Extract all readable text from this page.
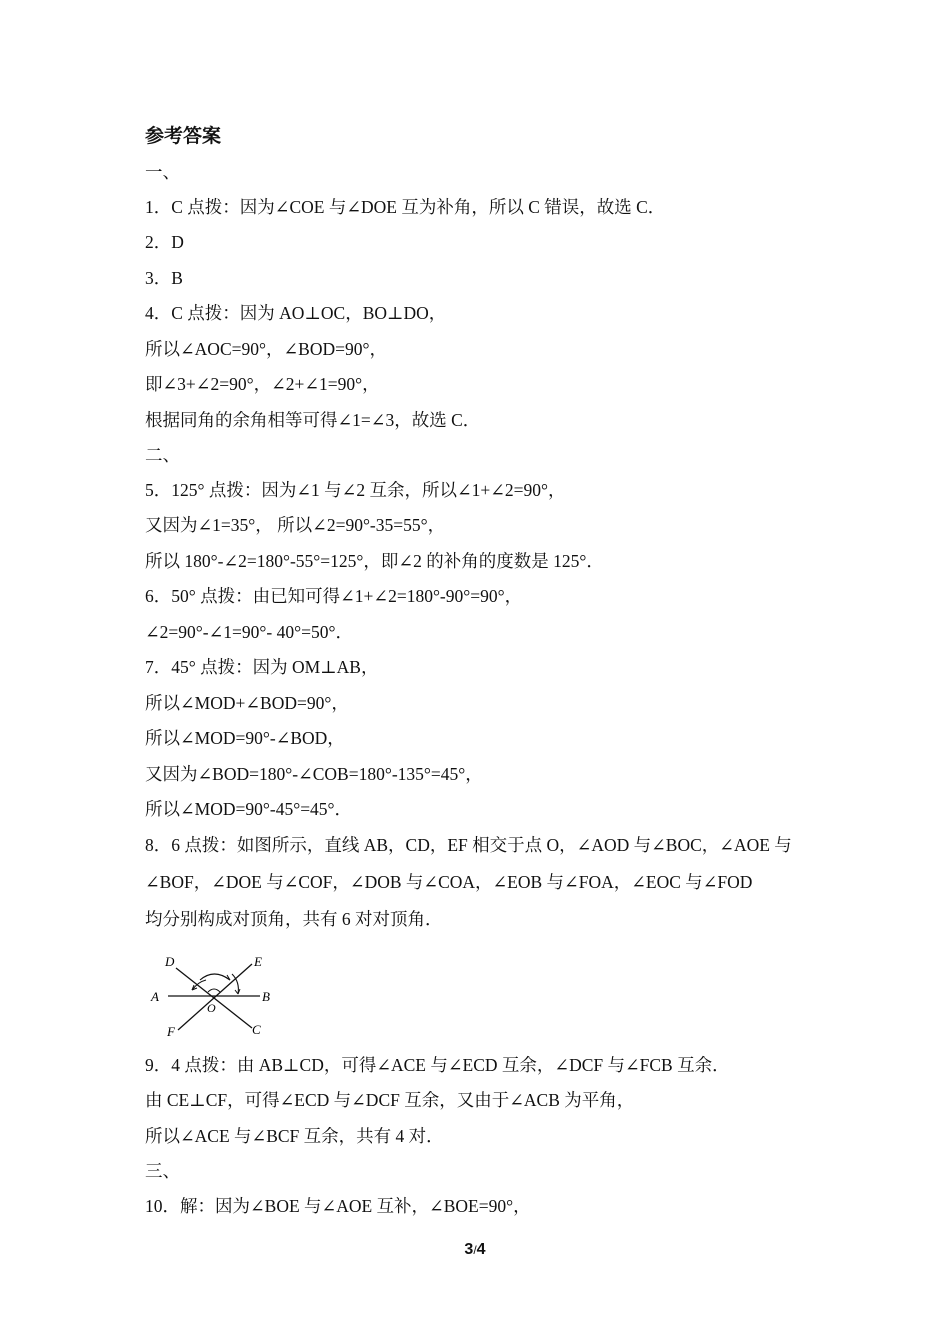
参考答案
一、
1．C 点拨：因为∠COE 与∠DOE 互为补角，所以 C 错误，故选 C．
2．D
3．B
4．C 点拨：因为 AO⊥OC，BO⊥DO，
所以∠AOC=90°，∠BOD=90°，
即∠3+∠2=90°，∠2+∠1=90°，
根据同角的余角相等可得∠1=∠3，故选 C．
二、
5．125° 点拨：因为∠1 与∠2 互余，所以∠1+∠2=90°，
又因为∠1=35°， 所以∠2=90°-35=55°，
所以 180°-∠2=180°-55°=125°，即∠2 的补角的度数是 125°．
6．50° 点拨：由已知可得∠1+∠2=180°-90°=90°，
∠2=90°-∠1=90°- 40°=50°．
7．45° 点拨：因为 OM⊥AB，
所以∠MOD+∠BOD=90°，
所以∠MOD=90°-∠BOD，
又因为∠BOD=180°-∠COB=180°-135°=45°，
所以∠MOD=90°-45°=45°．
8．6 点拨：如图所示，直线 AB，CD，EF 相交于点 O，∠AOD 与∠BOC，∠AOE 与
∠BOF，∠DOE 与∠COF，∠DOB 与∠COA，∠EOB 与∠FOA，∠EOC 与∠FOD
均分别构成对顶角，共有 6 对对顶角．
D	E
A	B
O
F	C
9．4 点拨：由 AB⊥CD，可得∠ACE 与∠ECD 互余，∠DCF 与∠FCB 互余．
由 CE⊥CF，可得∠ECD 与∠DCF 互余，又由于∠ACB 为平角，
所以∠ACE 与∠BCF 互余，共有 4 对．
三、
10．解：因为∠BOE 与∠AOE 互补，∠BOE=90°，
3/4
